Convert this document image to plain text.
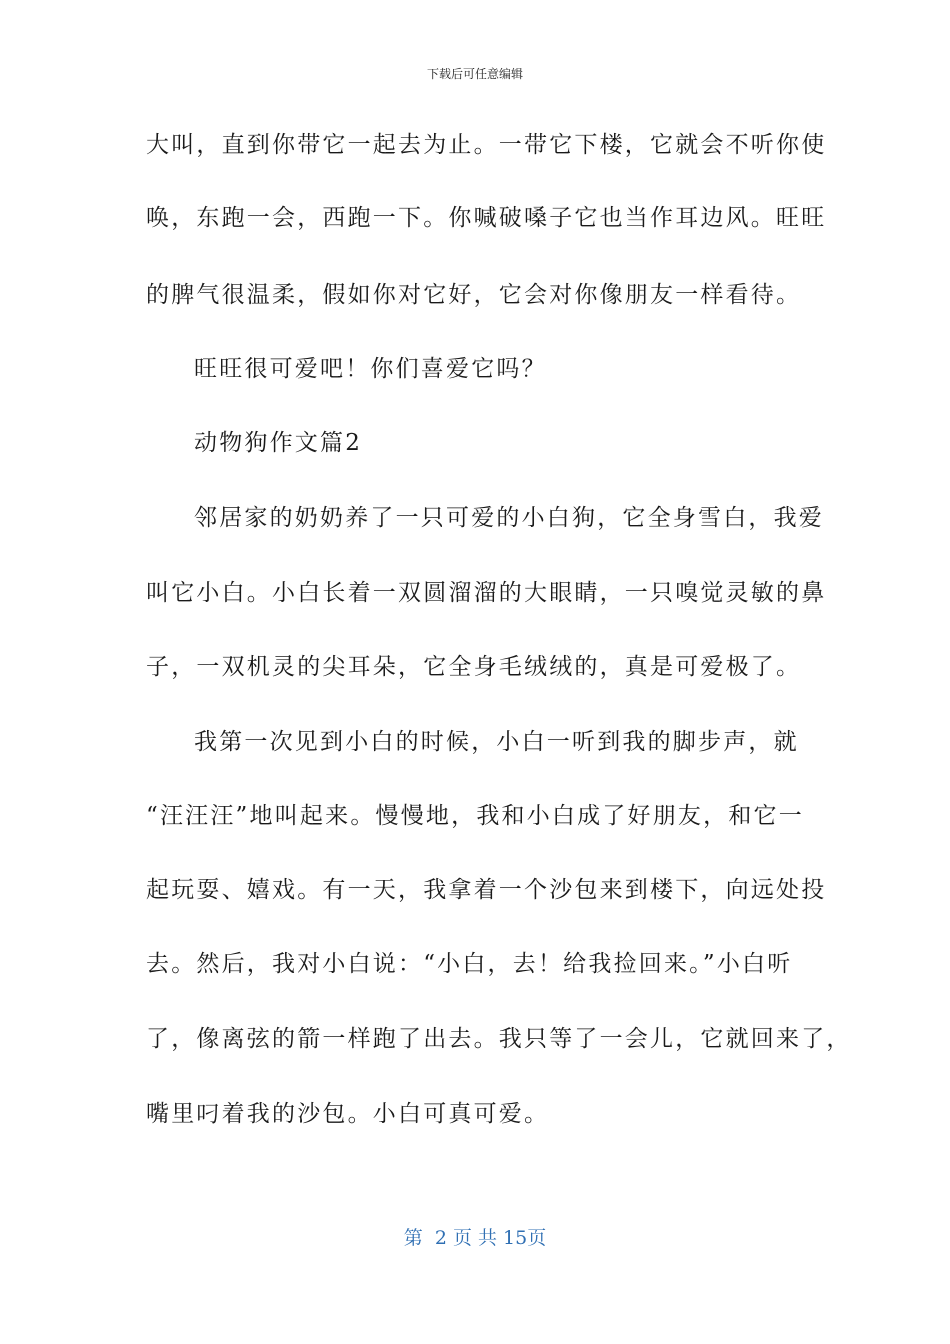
下载后可任意编辑
大叫，直到你带它一起去为止。一带它下楼，它就会不听你使
唤，东跑一会，西跑一下。你喊破嗓子它也当作耳边风。旺旺
的脾气很温柔，假如你对它好，它会对你像朋友一样看待。
旺旺很可爱吧！你们喜爱它吗？
动物狗作文篇2
邻居家的奶奶养了一只可爱的小白狗，它全身雪白，我爱
叫它小白。小白长着一双圆溜溜的大眼睛，一只嗅觉灵敏的鼻
子，一双机灵的尖耳朵，它全身毛绒绒的，真是可爱极了。
我第一次见到小白的时候，小白一听到我的脚步声，就
“汪汪汪”地叫起来。慢慢地，我和小白成了好朋友，和它一
起玩耍、嬉戏。有一天，我拿着一个沙包来到楼下，向远处投
去。然后，我对小白说：“小白，去！给我捡回来。”小白听
了，像离弦的箭一样跑了出去。我只等了一会儿，它就回来了，
嘴里叼着我的沙包。小白可真可爱。
第  2 页 共 15页
